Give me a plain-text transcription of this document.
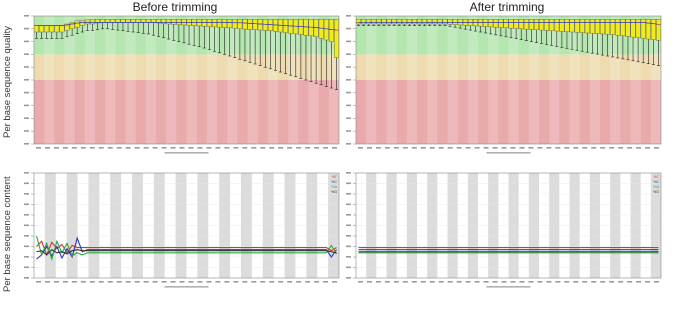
Before trimming	After trimming
Per base sequence quality
Per base sequence content	%T
%C
%A
%G
%T
%C
%A
%G
